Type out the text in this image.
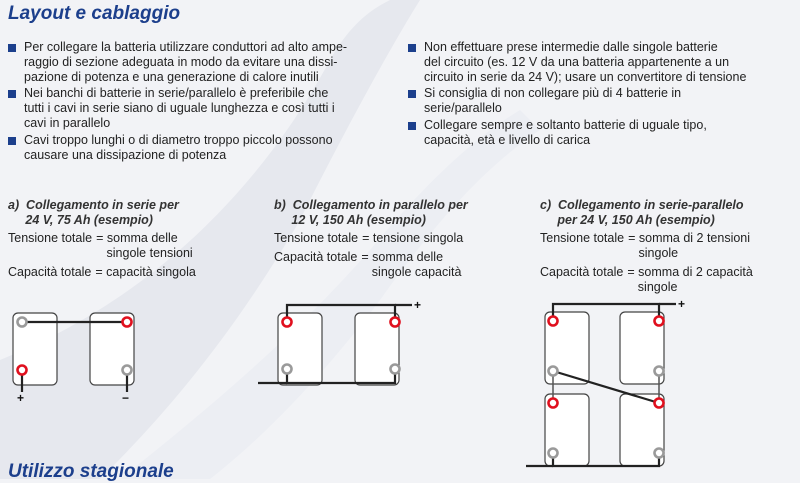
Layout e cablaggio
Per collegare la batteria utilizzare conduttori ad alto ampe-
raggio di sezione adeguata in modo da evitare una dissi-
pazione di potenza e una generazione di calore inutili
Nei banchi di batterie in serie/parallelo è preferibile che
tutti i cavi in serie siano di uguale lunghezza e così tutti i
cavi in parallelo
Cavi troppo lunghi o di diametro troppo piccolo possono
causare una dissipazione di potenza
Non effettuare prese intermedie dalle singole batterie
del circuito (es. 12 V da una batteria appartenente a un
circuito in serie da 24 V); usare un convertitore di tensione
Si consiglia di non collegare più di 4 batterie in
serie/parallelo
Collegare sempre e soltanto batterie di uguale tipo,
capacità, età e livello di carica
a)  Collegamento in serie per
24 V, 75 Ah (esempio)
Tensione totale = somma delle
singole tensioni
Capacità totale = capacità singola
b)  Collegamento in parallelo per
12 V, 150 Ah (esempio)
Tensione totale = tensione singola
Capacità totale = somma delle
singole capacità
c)  Collegamento in serie-parallelo
per 24 V, 150 Ah (esempio)
Tensione totale = somma di 2 tensioni
singole
Capacità totale = somma di 2 capacità
singole
+	−
+	+
Utilizzo stagionale
